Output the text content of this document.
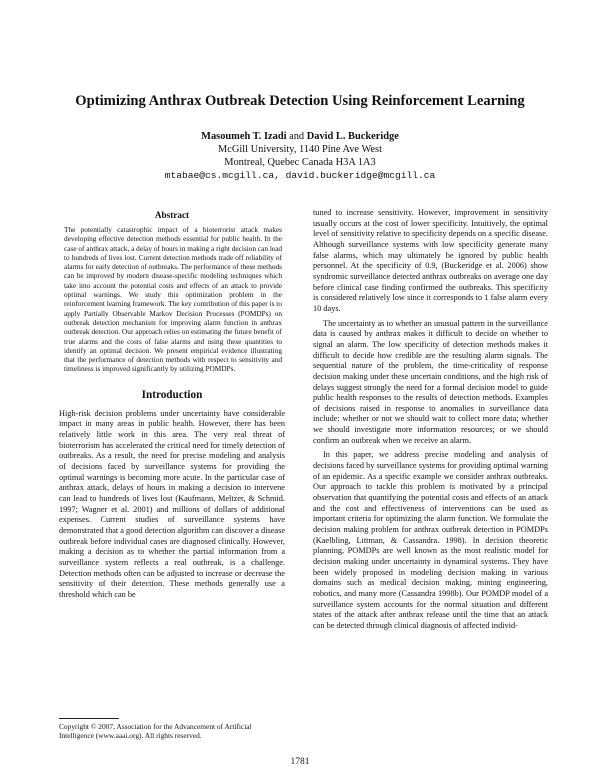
Optimizing Anthrax Outbreak Detection Using Reinforcement Learning
Masoumeh T. Izadi and David L. Buckeridge
McGill University, 1140 Pine Ave West
Montreal, Quebec Canada H3A 1A3
mtabae@cs.mcgill.ca, david.buckeridge@mcgill.ca
Abstract
The potentially catastrophic impact of a bioterrorist attack makes developing effective detection methods essential for public health. In the case of anthrax attack, a delay of hours in making a right decision can lead to hundreds of lives lost. Current detection methods trade off reliability of alarms for early detection of outbreaks. The performance of these methods can be improved by modern disease-specific modeling techniques which take into account the potential costs and effects of an attack to provide optimal warnings. We study this optimization problem in the reinforcement learning framework. The key contribution of this paper is to apply Partially Observable Markov Decision Processes (POMDPs) on outbreak detection mechanism for improving alarm function in anthrax outbreak detection. Our approach relies on estimating the future benefit of true alarms and the costs of false alarms and using these quantities to identify an optimal decision. We present empirical evidence illustrating that the performance of detection methods with respect to sensitivity and timeliness is improved significantly by utilizing POMDPs.
Introduction

High-risk decision problems under uncertainty have considerable impact in many areas in public health. However, there has been relatively little work in this area. The very real threat of bioterrorism has accelerated the critical need for timely detection of outbreaks. As a result, the need for precise modeling and analysis of decisions faced by surveillance systems for providing the optimal warnings is becoming more acute. In the particular case of anthrax attack, delays of hours in making a decision to intervene can lead to hundreds of lives lost (Kaufmann, Meltzer, & Schmid. 1997; Wagner et al. 2001) and millions of dollars of additional expenses. Current studies of surveillance systems have demonstrated that a good detection algorithm can discover a disease outbreak before individual cases are diagnosed clinically. However, making a decision as to whether the partial information from a surveillance system reflects a real outbreak, is a challenge. Detection methods often can be adjusted to increase or decrease the sensitivity of their detection. These methods generally use a threshold which can be

tuned to increase sensitivity. However, improvement in sensitivity usually occurs at the cost of lower specificity. Intuitively, the optimal level of sensitivity relative to specificity depends on a specific disease. Although surveillance systems with low specificity generate many false alarms, which may ultimately be ignored by public health personnel. At the specificity of 0.9, (Buckeridge et al. 2006) show syndromic surveillance detected anthrax outbreaks on average one day before clinical case finding confirmed the outbreaks. This specificity is considered relatively low since it corresponds to 1 false alarm every 10 days.

The uncertainty as to whether an unusual pattern in the surveillance data is caused by anthrax makes it difficult to decide on whether to signal an alarm. The low specificity of detection methods makes it difficult to decide how credible are the resulting alarm signals. The sequential nature of the problem, the time-criticality of response decision making under these uncertain conditions, and the high risk of delays suggest strongly the need for a formal decision model to guide public health responses to the results of detection methods. Examples of decisions raised in response to anomalies in surveillance data include: whether or not we should wait to collect more data; whether we should investigate more information resources; or we should confirm an outbreak when we receive an alarm.

In this paper, we address precise modeling and analysis of decisions faced by surveillance systems for providing optimal warning of an epidemic. As a specific example we consider anthrax outbreaks. Our approach to tackle this problem is motivated by a principal observation that quantifying the potential costs and effects of an attack and the cost and effectiveness of interventions can be used as important criteria for optimizing the alarm function. We formulate the decision making problem for anthrax outbreak detection in POMDPs (Kaelbling, Littman, & Cassandra. 1998). In decision theoretic planning, POMDPs are well known as the most realistic model for decision making under uncertainty in dynamical systems. They have been widely proposed in modeling decision making in various domains such as medical decision making, mining engineering, robotics, and many more (Cassandra 1998b). Our POMDP model of a surveillance system accounts for the normal situation and different states of the attack after anthrax release until the time that an attack can be detected through clinical diagnosis of affected individ-

Copyright © 2007, Association for the Advancement of Artificial Intelligence (www.aaai.org). All rights reserved.
1781
